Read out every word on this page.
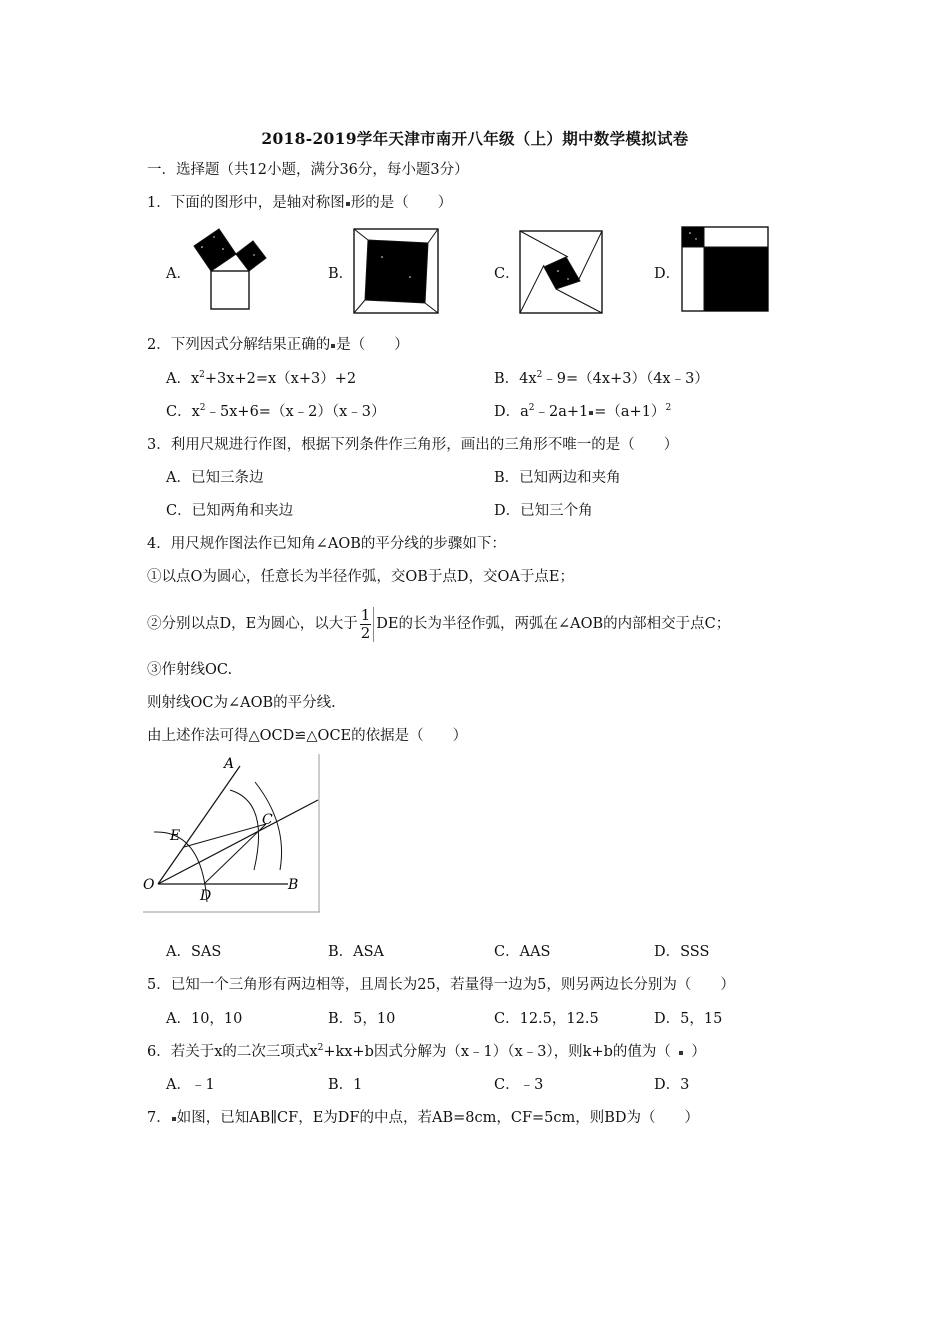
2018-2019学年天津市南开八年级（上）期中数学模拟试卷
一．选择题（共12小题，满分36分，每小题3分）
1．下面的图形中，是轴对称图 形的是（　　）
A．	B．	C．	D．
2．下列因式分解结果正确的 是（　　）
A．$x^2+3x+2=x(x+3)+2$	B．$4x^2﹣9=(4x+3)(4x﹣3)$
C．$x^2﹣5x+6=(x﹣2)(x﹣3)$	D．$a^2﹣2a+1 =(a+1)^2$
3．利用尺规进行作图，根据下列条件作三角形，画出的三角形不唯一的是（　　）
A．已知三条边	B．已知两边和夹角
C．已知两角和夹边	D．已知三个角
4．用尺规作图法作已知角∠AOB的平分线的步骤如下：
①以点O为圆心，任意长为半径作弧，交OB于点D，交OA于点E；
②分别以点D，E为圆心，以大于 $\frac{1}{2}$ DE的长为半径作弧，两弧在∠AOB的内部相交于点C；
③作射线OC.
则射线OC为∠AOB的平分线.
由上述作法可得△OCD≌△OCE的依据是（　　）
A
C
E
O
D
B
A．SAS	B．ASA	C．AAS	D．SSS
5．已知一个三角形有两边相等，且周长为25，若量得一边为5，则另两边长分别为（　　）
A．10，10	B．5，10	C．12.5，12.5	D．5，15
6．若关于x的二次三项式$x^2+kx+b$因式分解为（x﹣1）（x﹣3），则k+b的值为（   ）
A．﹣1	B．1	C．﹣3	D．3
7． 如图，已知AB∥CF，E为DF的中点，若AB=8cm，CF=5cm，则BD为（　　）
